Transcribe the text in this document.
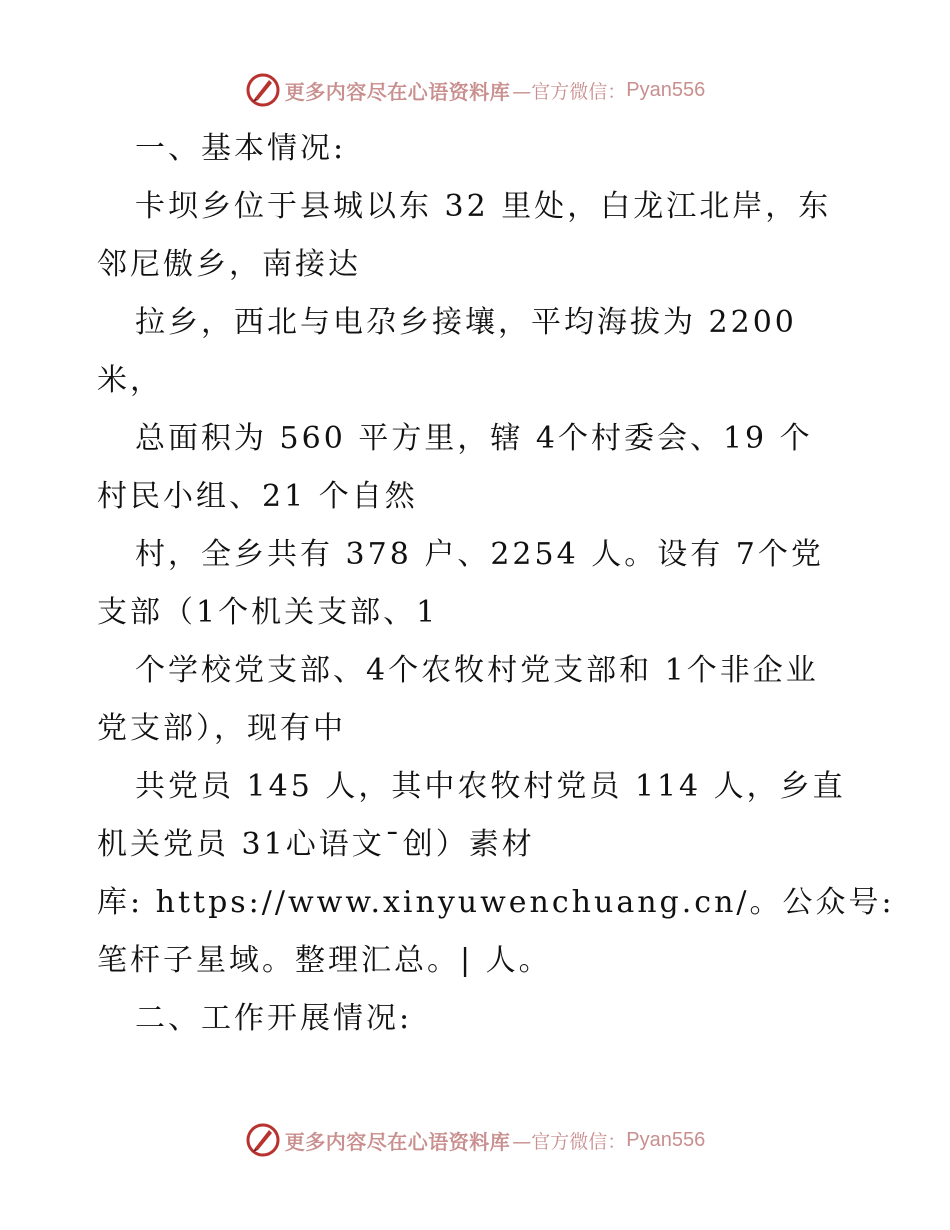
更多内容尽在心语资料库 —官方微信： Pyan556
一、基本情况:
卡坝乡位于县城以东 32 里处，白龙江北岸，东
邻尼傲乡，南接达
拉乡，西北与电尕乡接壤，平均海拔为 2200
米，
总面积为 560 平方里，辖 4个村委会、19 个
村民小组、21 个自然
村，全乡共有 378 户、2254 人。设有 7个党
支部（1个机关支部、1
个学校党支部、4个农牧村党支部和 1个非企业
党支部），现有中
共党员 145 人，其中农牧村党员 114 人，乡直
机关党员 31心语文¯创）素材
库: https://www.xinyuwenchuang.cn/。公众号:
笔杆子星域。整理汇总。| 人。
二、工作开展情况:
更多内容尽在心语资料库 —官方微信： Pyan556
